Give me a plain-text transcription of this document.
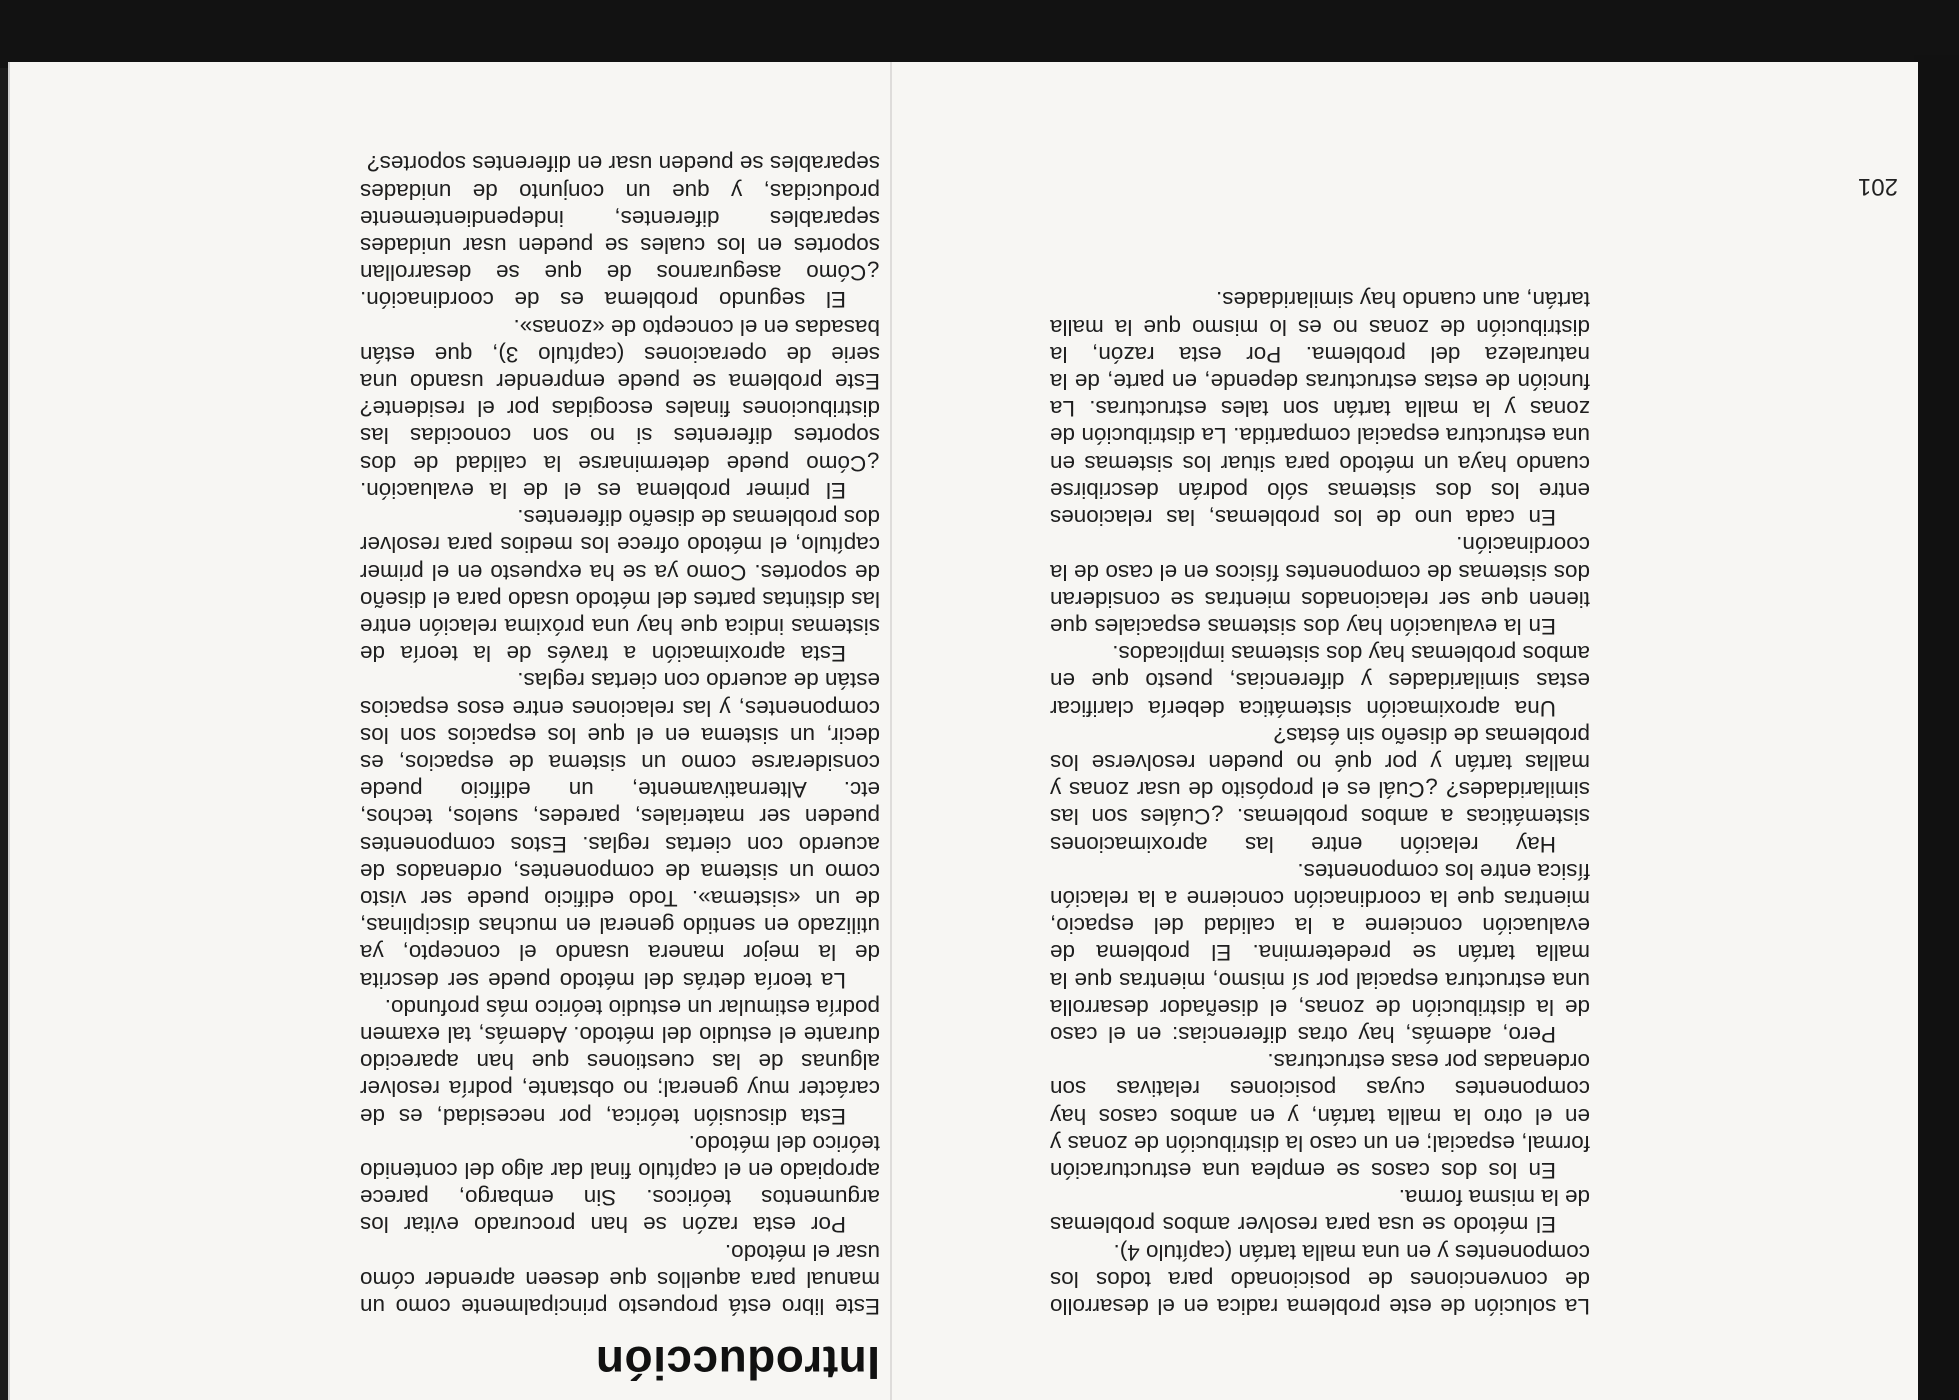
201
Introducción

Este libro está propuesto principalmente como un manual para aquellos que deseen aprender cómo usar el método.

Por esta razón se han procurado evitar los argumentos teóricos. Sin embargo, parece apropiado en el capítulo final dar algo del contenido teórico del método.

Esta discusión teórica, por necesidad, es de carácter muy general; no obstante, podría resolver algunas de las cuestiones que han aparecido durante el estudio del método. Además, tal examen podría estimular un estudio teórico más profundo.

La teoría detrás del método puede ser descrita de la mejor manera usando el concepto, ya utilizado en sentido general en muchas disciplinas, de un «sistema». Todo edificio puede ser visto como un sistema de componentes, ordenados de acuerdo con ciertas reglas. Estos componentes pueden ser materiales, paredes, suelos, techos, etc. Alternativamente, un edificio puede considerarse como un sistema de espacios, es decir, un sistema en el que los espacios son los componentes, y las relaciones entre esos espacios están de acuerdo con ciertas reglas.

Esta aproximación a través de la teoría de sistemas indica que hay una próxima relación entre las distintas partes del método usado para el diseño de soportes. Como ya se ha expuesto en el primer capítulo, el método ofrece los medios para resolver dos problemas de diseño diferentes.

El primer problema es el de la evaluación. ¿Cómo puede determinarse la calidad de dos soportes diferentes si no son conocidas las distribuciones finales escogidas por el residente? Este problema se puede emprender usando una serie de operaciones (capítulo 3), que están basadas en el concepto de «zonas».

El segundo problema es de coordinación. ¿Cómo asegurarnos de que se desarrollan soportes en los cuales se pueden usar unidades separables diferentes, independientemente producidas, y que un conjunto de unidades separables se pueden usar en diferentes soportes?

La solución de este problema radica en el desarrollo de convenciones de posicionado para todos los componentes y en una malla tartán (capítulo 4).

El método se usa para resolver ambos problemas de la misma forma.

En los dos casos se emplea una estructuración formal, espacial; en un caso la distribución de zonas y en el otro la malla tartán, y en ambos casos hay componentes cuyas posiciones relativas son ordenadas por esas estructuras.

Pero, además, hay otras diferencias: en el caso de la distribución de zonas, el diseñador desarrolla una estructura espacial por sí mismo, mientras que la malla tartán se predetermina. El problema de evaluación concierne a la calidad del espacio, mientras que la coordinación concierne a la relación física entre los componentes.

Hay relación entre las aproximaciones sistemáticas a ambos problemas. ¿Cuáles son las similaridades? ¿Cuál es el propósito de usar zonas y mallas tartán y por qué no pueden resolverse los problemas de diseño sin éstas?

Una aproximación sistemática debería clarificar estas similaridades y diferencias, puesto que en ambos problemas hay dos sistemas implicados.

En la evaluación hay dos sistemas espaciales que tienen que ser relacionados mientras se consideran dos sistemas de componentes físicos en el caso de la coordinación.

En cada uno de los problemas, las relaciones entre los dos sistemas sólo podrán describirse cuando haya un método para situar los sistemas en una estructura espacial compartida. La distribución de zonas y la malla tartán son tales estructuras. La función de estas estructuras depende, en parte, de la naturaleza del problema. Por esta razón, la distribución de zonas no es lo mismo que la malla tartán, aun cuando hay similaridades.
